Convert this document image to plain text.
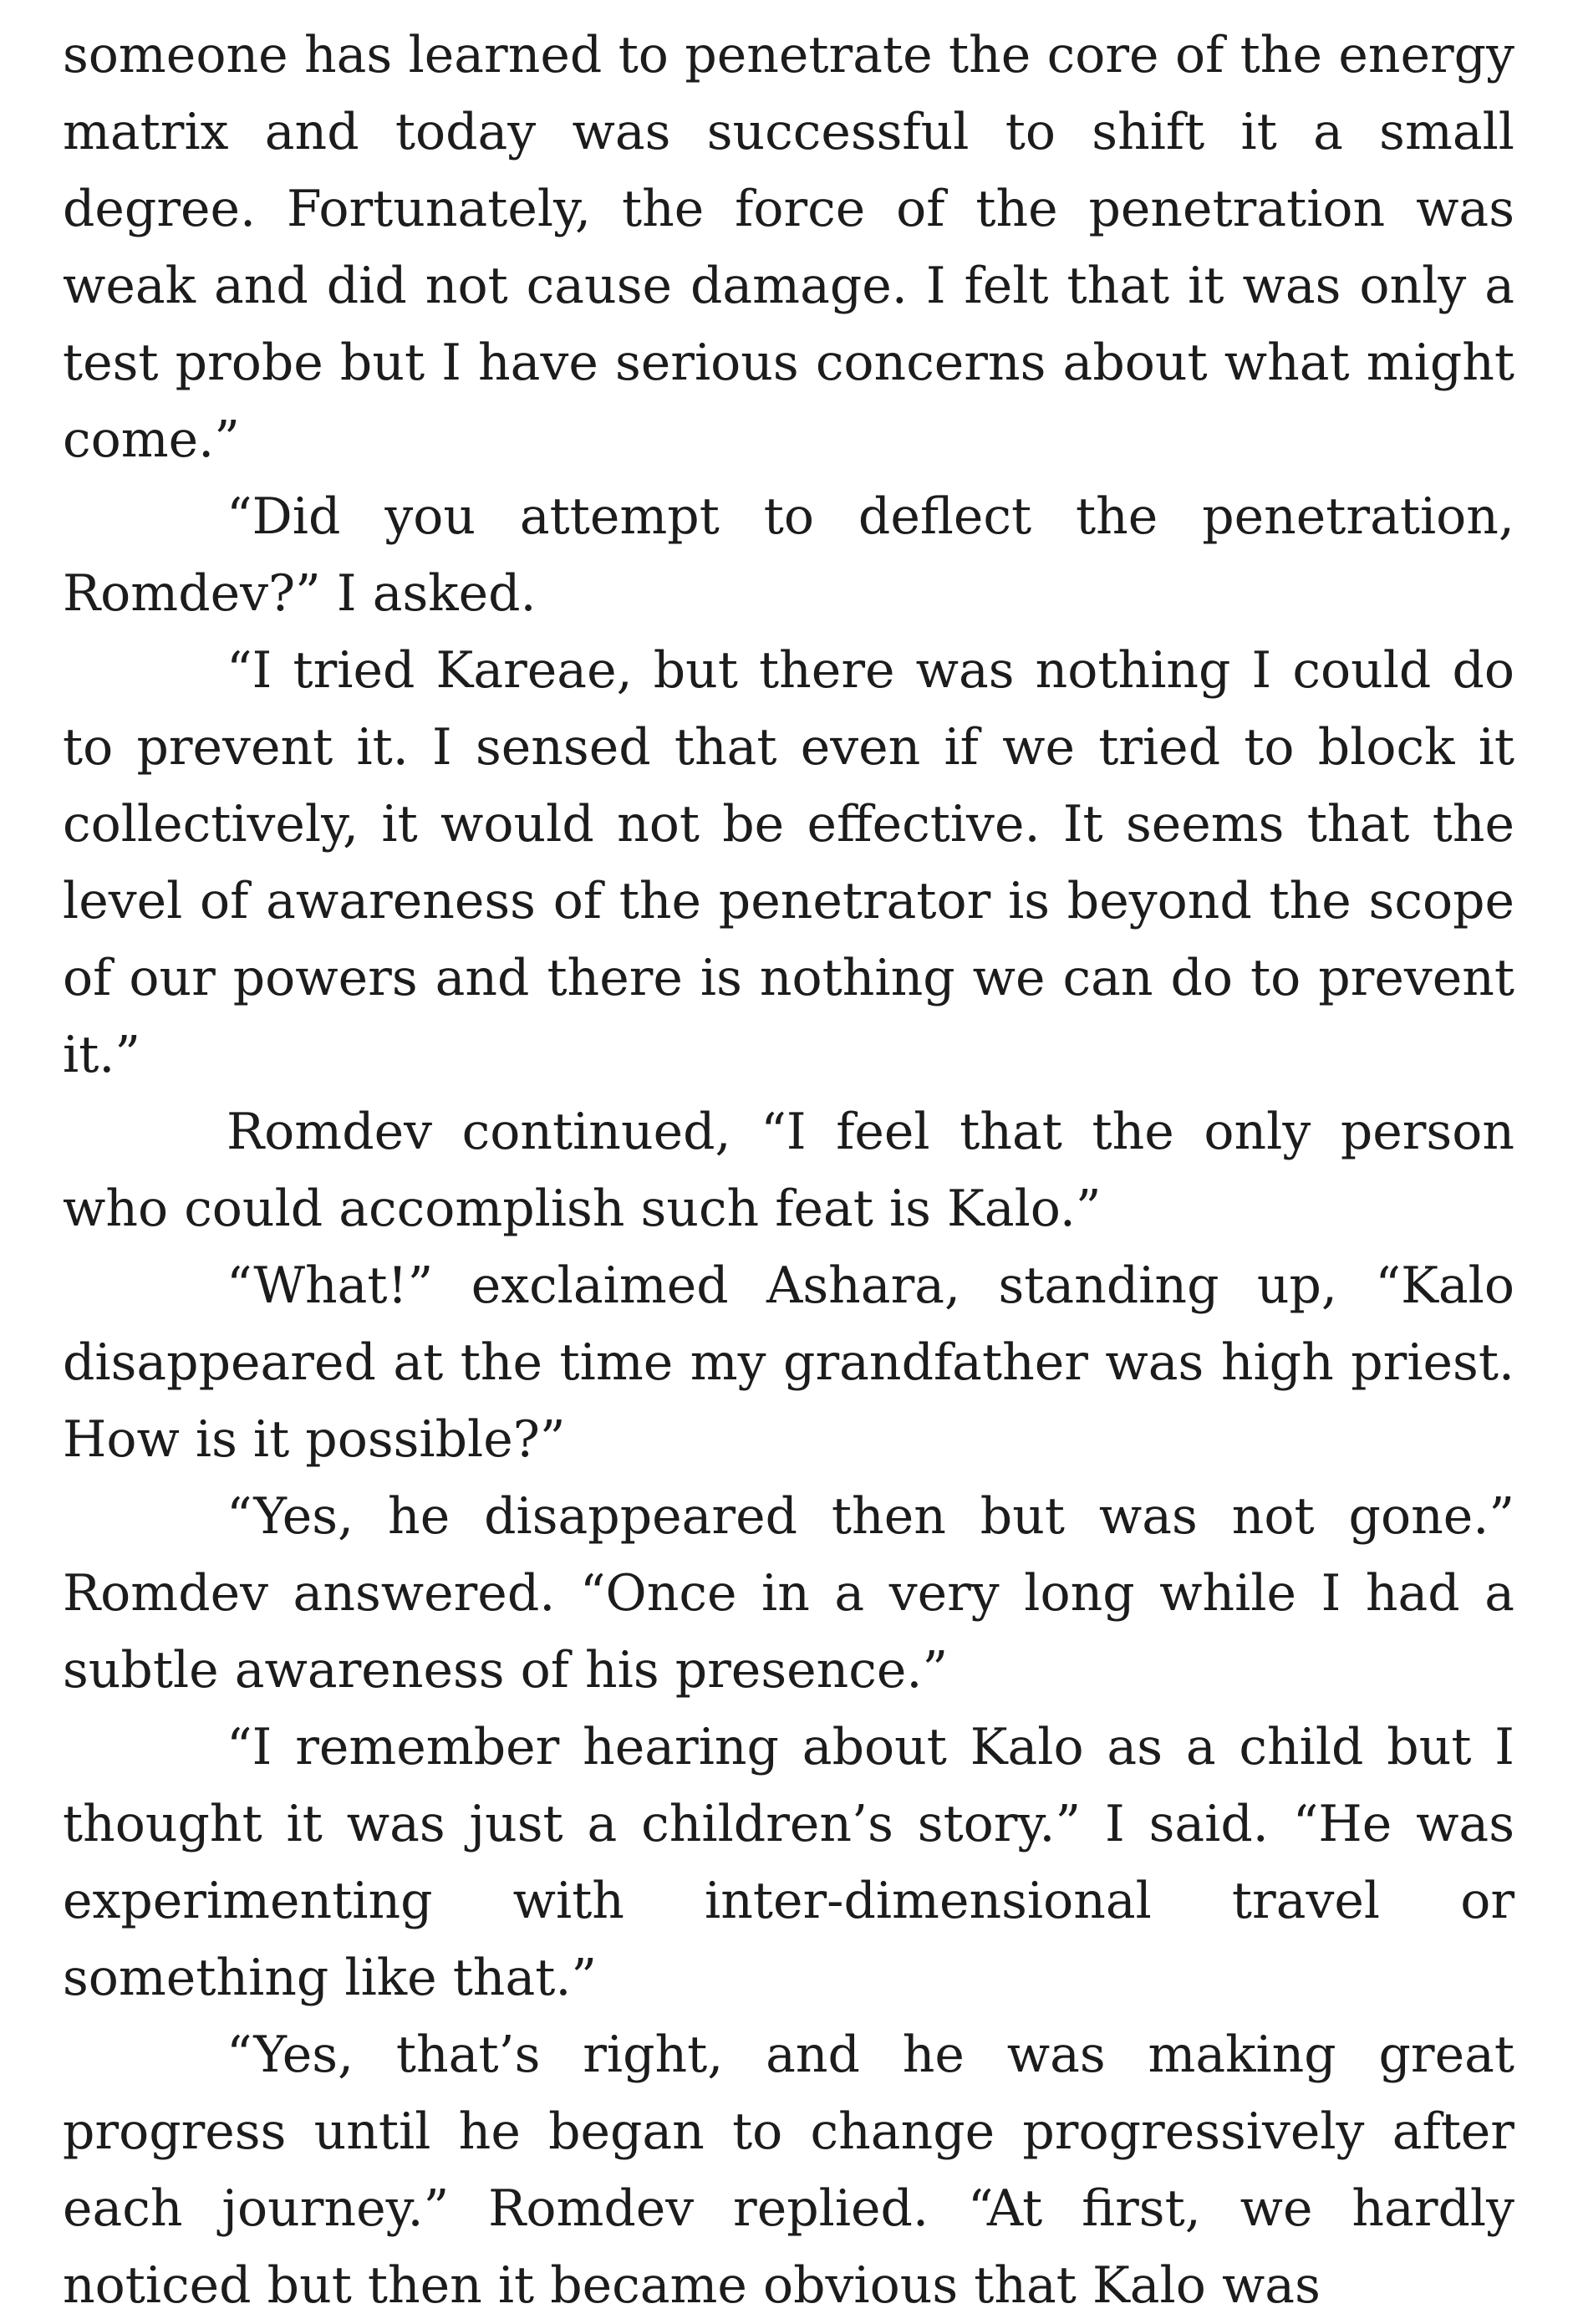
someone has learned to penetrate the core of the energy matrix and today was successful to shift it a small degree. Fortunately, the force of the penetration was weak and did not cause damage. I felt that it was only a test probe but I have serious concerns about what might come.”

“Did you attempt to deflect the penetration, Romdev?” I asked.

“I tried Kareae, but there was nothing I could do to prevent it. I sensed that even if we tried to block it collectively, it would not be effective. It seems that the level of awareness of the penetrator is beyond the scope of our powers and there is nothing we can do to prevent it.”

Romdev continued, “I feel that the only person who could accomplish such feat is Kalo.”

“What!” exclaimed Ashara, standing up, “Kalo disappeared at the time my grandfather was high priest. How is it possible?”

“Yes, he disappeared then but was not gone.” Romdev answered. “Once in a very long while I had a subtle awareness of his presence.”

“I remember hearing about Kalo as a child but I thought it was just a children’s story.” I said. “He was experimenting with inter-dimensional travel or something like that.”

“Yes, that’s right, and he was making great progress until he began to change progressively after each journey.” Romdev replied. “At first, we hardly noticed but then it became obvious that Kalo was
